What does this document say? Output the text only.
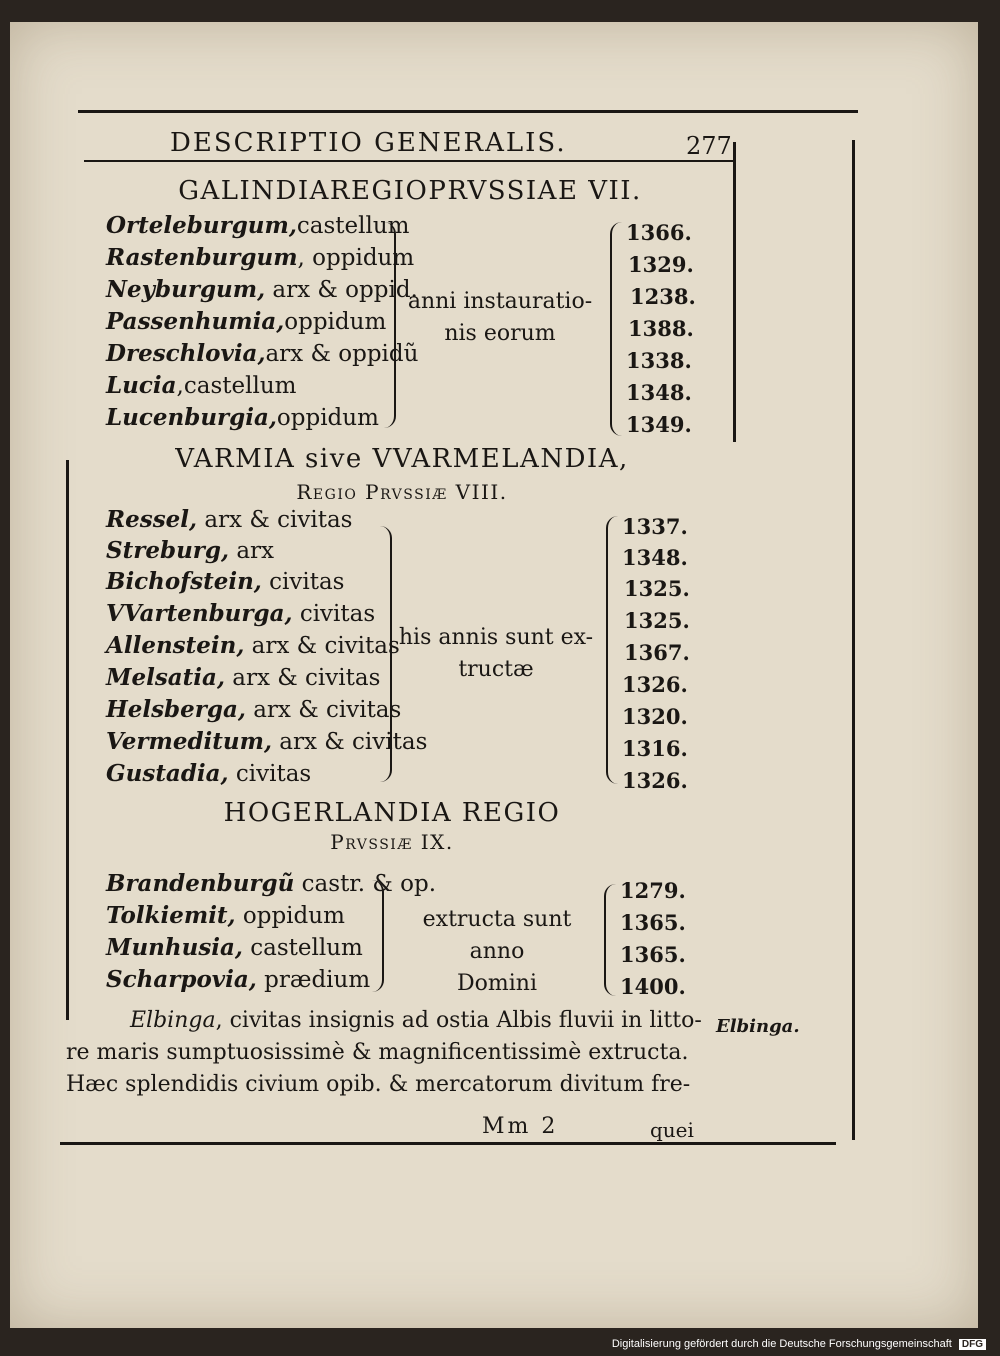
DESCRIPTIO GENERALIS.	277
GALINDIAREGIOPRVSSIAE VII.
Orteleburgum,castellum
Rastenburgum, oppidum
Neyburgum, arx & oppid.
Passenhumia,oppidum
Dreschlovia,arx & oppidũ
Lucia,castellum
Lucenburgia,oppidum
anni instauratio-
nis eorum
1366.
1329.
1238.
1388.
1338.
1348.
1349.
VARMIA sive VVARMELANDIA,
Regio Prvssiæ VIII.
Ressel, arx & civitas
Streburg, arx
Bichofstein, civitas
VVartenburga, civitas
Allenstein, arx & civitas
Melsatia, arx & civitas
Helsberga, arx & civitas
Vermeditum, arx & civitas
Gustadia, civitas
his annis sunt ex-
tructæ
1337.
1348.
1325.
1325.
1367.
1326.
1320.
1316.
1326.
HOGERLANDIA REGIO
Prvssiæ IX.
Brandenburgũ castr. & op.
Tolkiemit, oppidum
Munhusia, castellum
Scharpovia, prædium
extructa sunt anno
Domini
1279.
1365.
1365.
1400.
Elbinga, civitas insignis ad ostia Albis fluvii in litto-
re maris sumptuosissimè & magnificentissimè extructa.
Hæc splendidis civium opib. & mercatorum divitum fre-
Elbinga.
Mm 2	quei
Digitalisierung gefördert durch die Deutsche Forschungsgemeinschaft DFG
